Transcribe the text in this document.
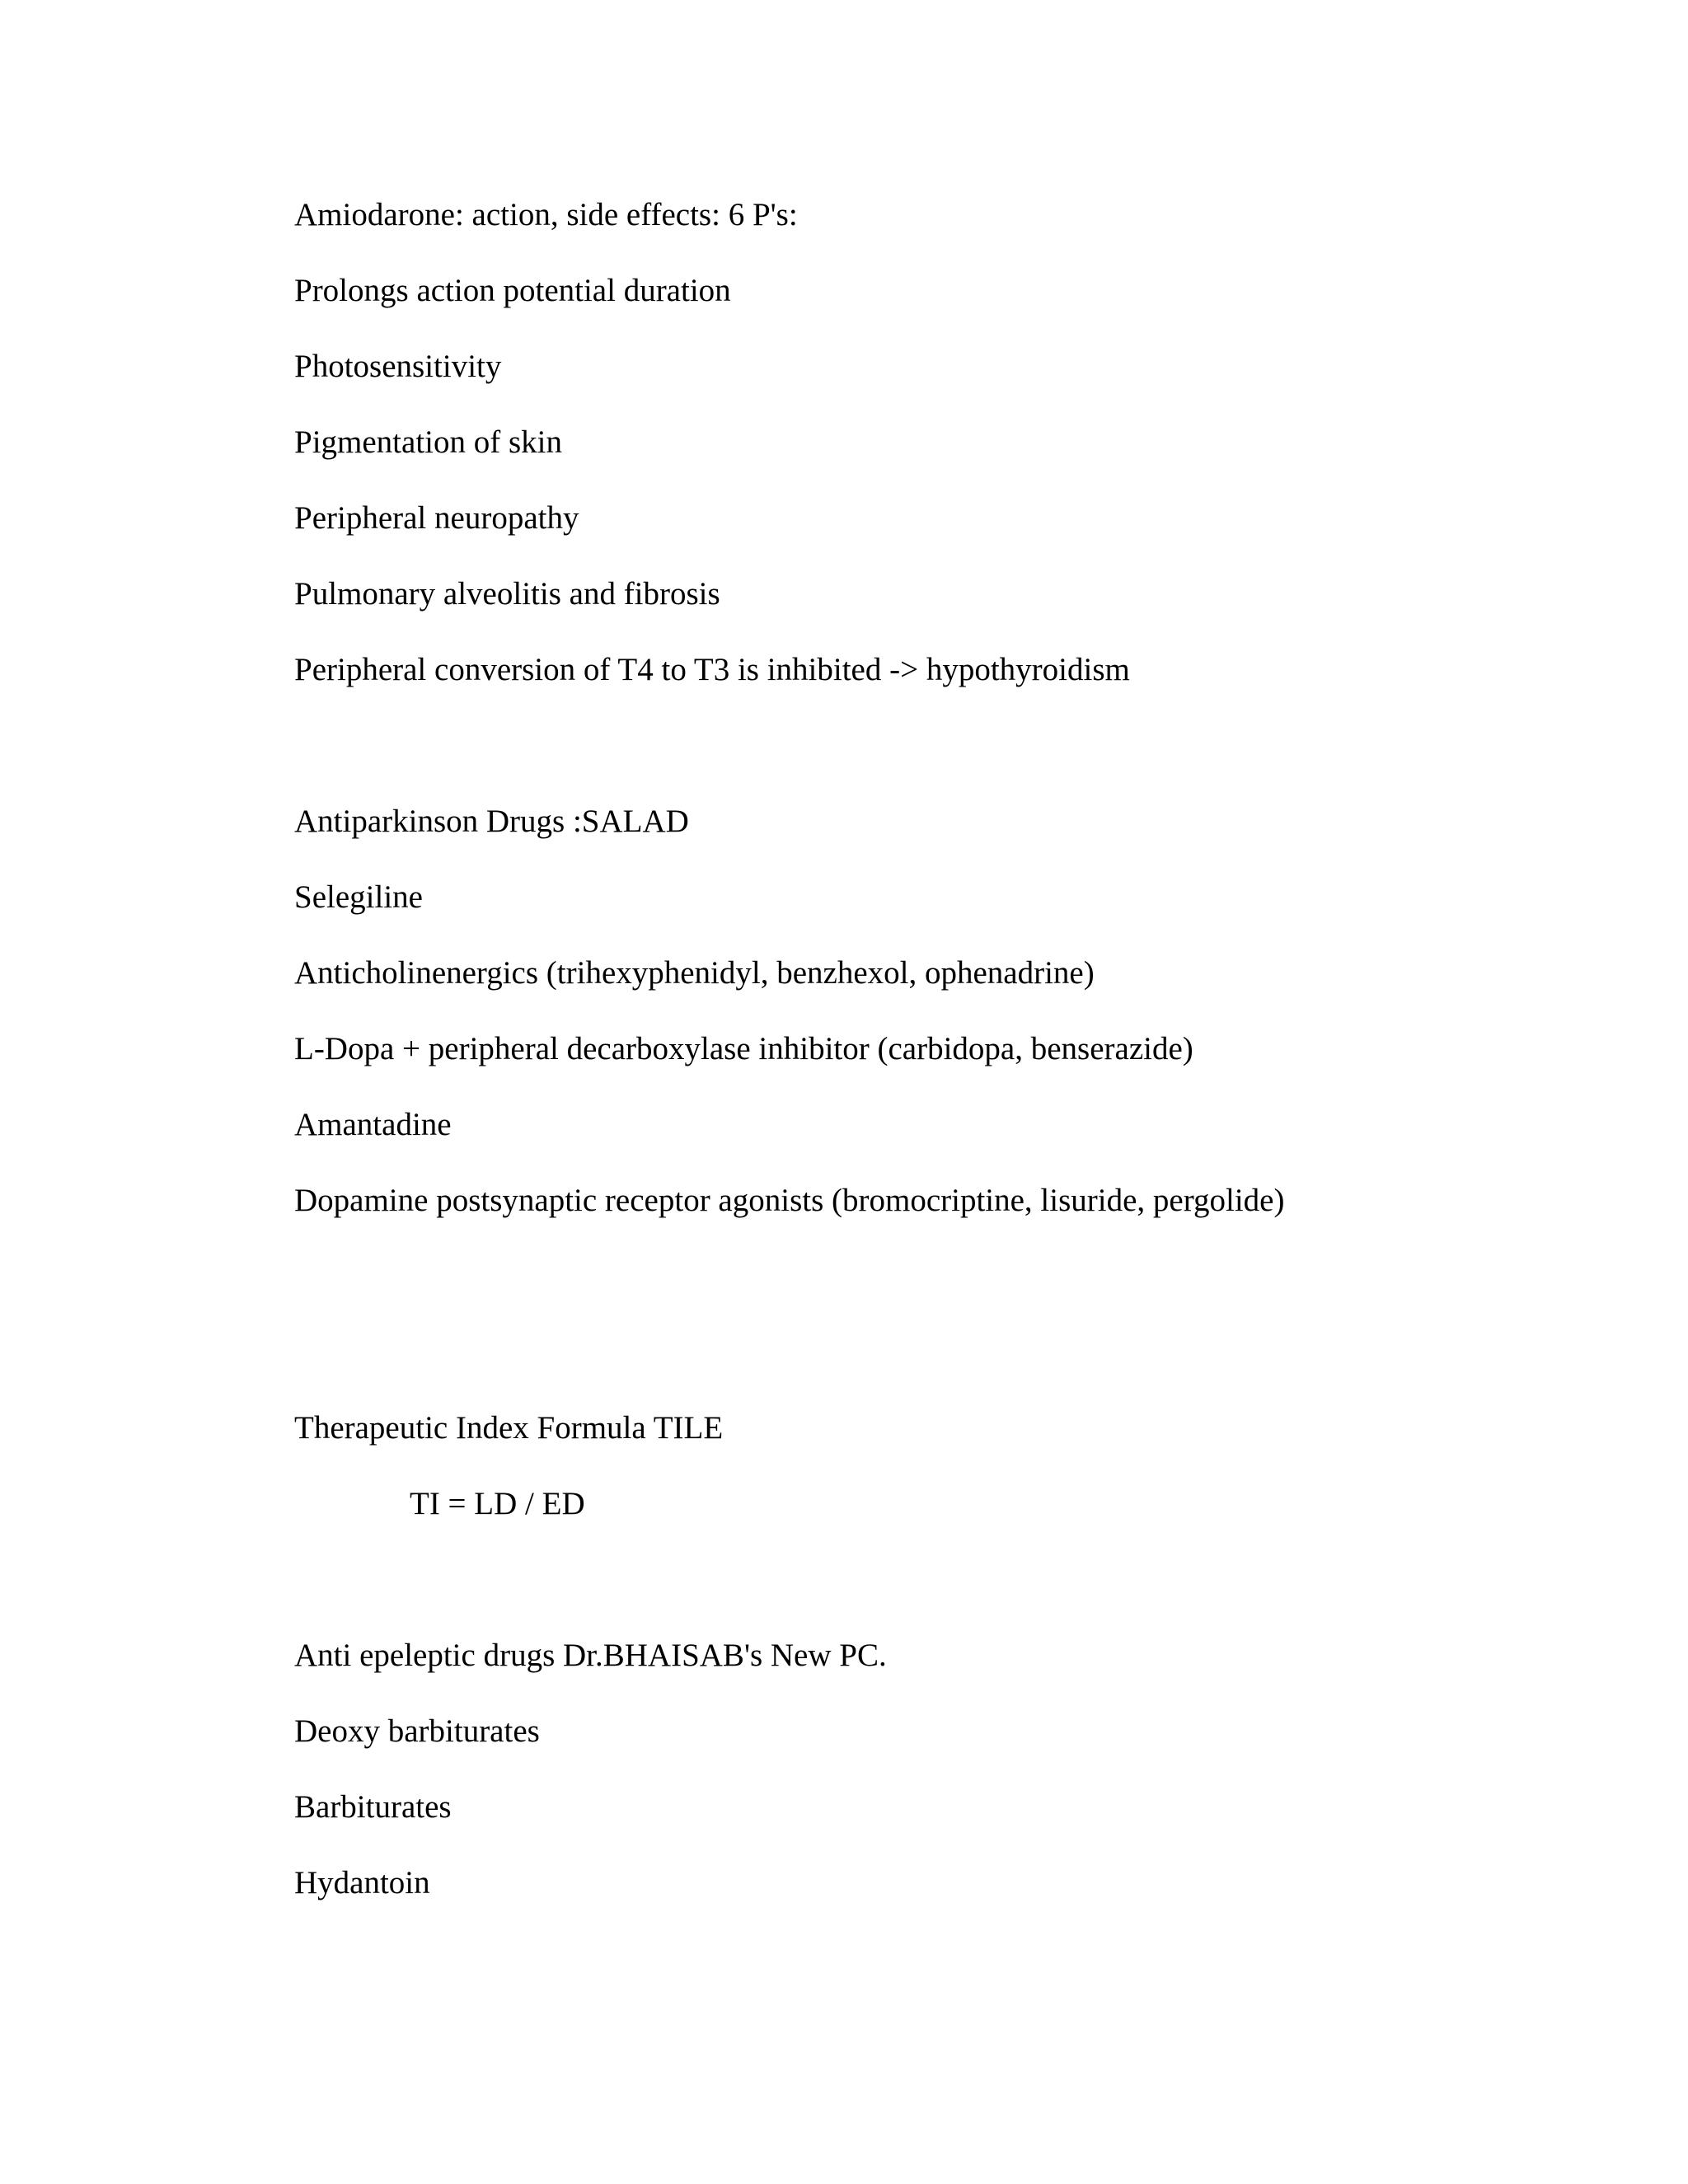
Amiodarone: action, side effects: 6 P's:
Prolongs action potential duration
Photosensitivity
Pigmentation of skin
Peripheral neuropathy
Pulmonary alveolitis and fibrosis
Peripheral conversion of T4 to T3 is inhibited -> hypothyroidism
Antiparkinson Drugs :SALAD
Selegiline
Anticholinenergics (trihexyphenidyl, benzhexol, ophenadrine)
L-Dopa + peripheral decarboxylase inhibitor (carbidopa, benserazide)
Amantadine
Dopamine postsynaptic receptor agonists (bromocriptine, lisuride, pergolide)
Therapeutic Index Formula TILE
TI = LD / ED
Anti epeleptic drugs Dr.BHAISAB's New PC.
Deoxy barbiturates
Barbiturates
Hydantoin
